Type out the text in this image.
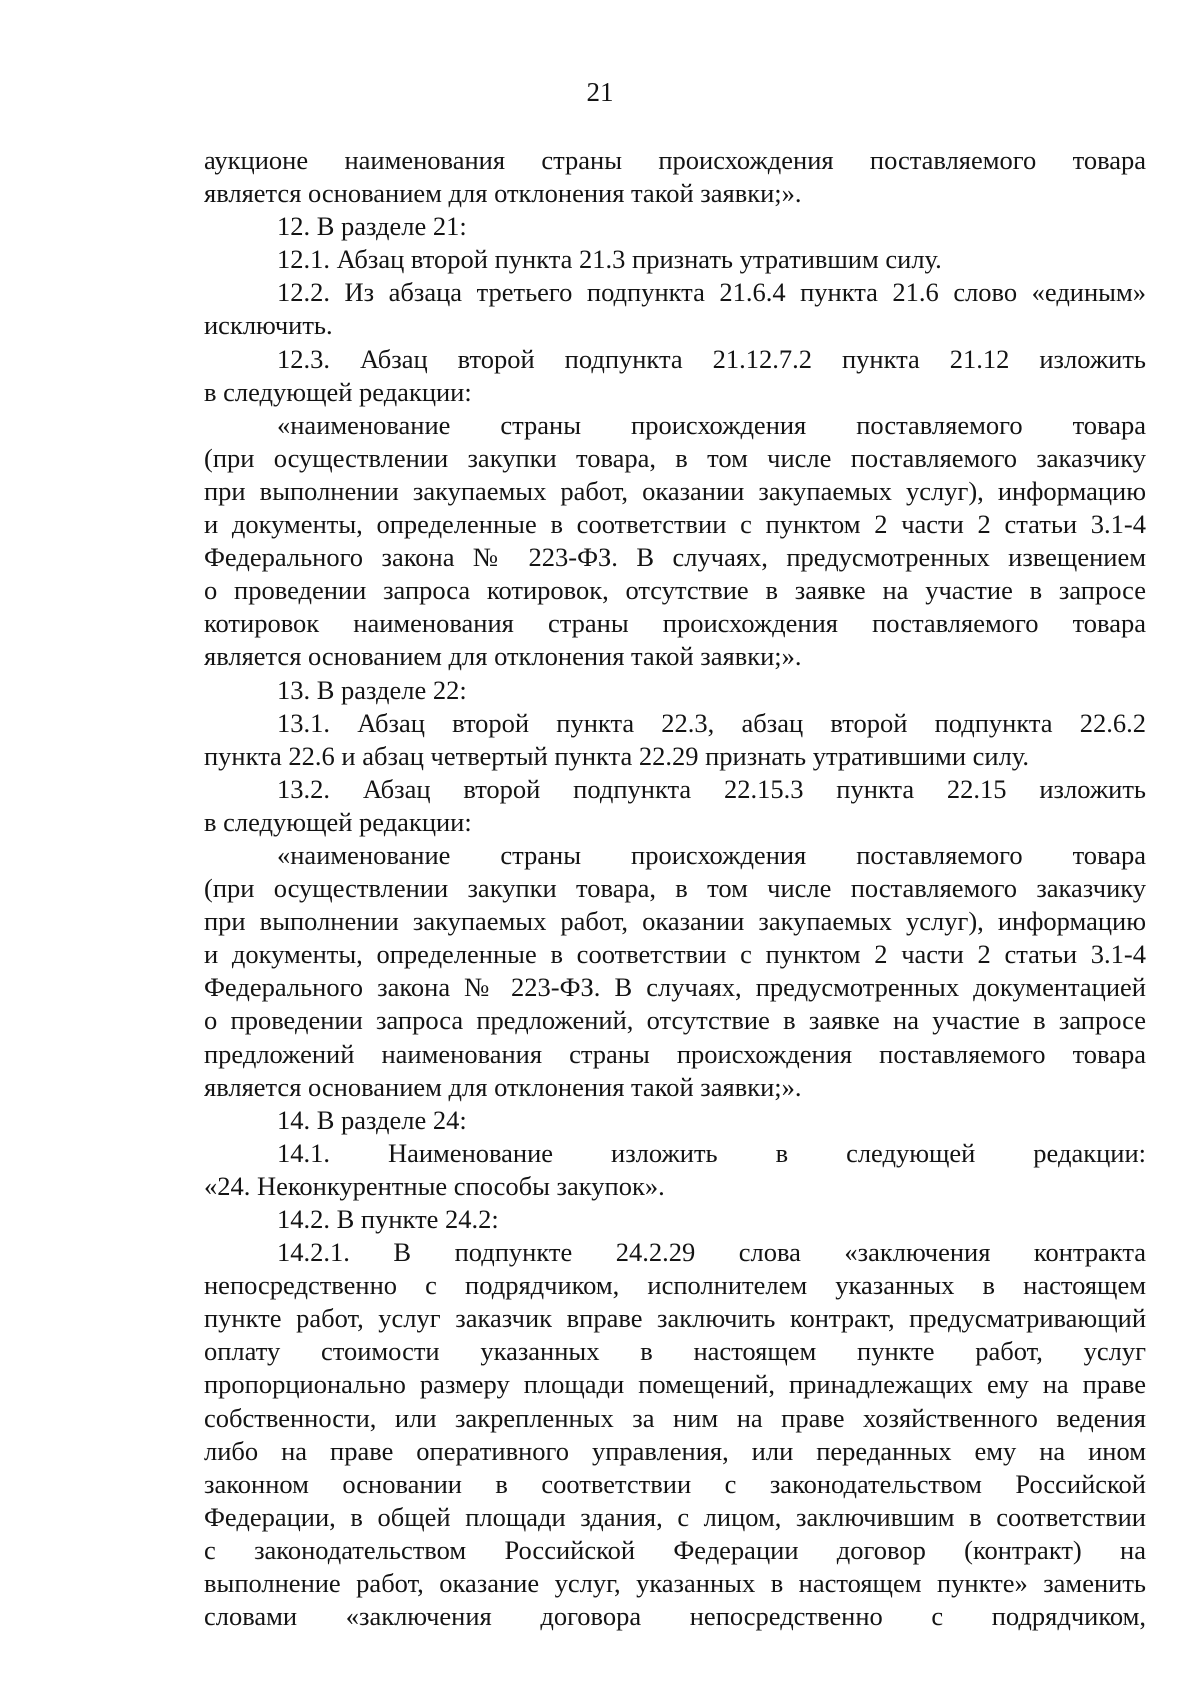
21
аукционе наименования страны происхождения поставляемого товара
является основанием для отклонения такой заявки;».
12. В разделе 21:
12.1. Абзац второй пункта 21.3 признать утратившим силу.
12.2. Из абзаца третьего подпункта 21.6.4 пункта 21.6 слово «единым»
исключить.
12.3. Абзац второй подпункта 21.12.7.2 пункта 21.12 изложить
в следующей редакции:
«наименование страны происхождения поставляемого товара
(при осуществлении закупки товара, в том числе поставляемого заказчику
при выполнении закупаемых работ, оказании закупаемых услуг), информацию
и документы, определенные в соответствии с пунктом 2 части 2 статьи 3.1-4
Федерального закона № 223-ФЗ. В случаях, предусмотренных извещением
о проведении запроса котировок, отсутствие в заявке на участие в запросе
котировок наименования страны происхождения поставляемого товара
является основанием для отклонения такой заявки;».
13. В разделе 22:
13.1. Абзац второй пункта 22.3, абзац второй подпункта 22.6.2
пункта 22.6 и абзац четвертый пункта 22.29 признать утратившими силу.
13.2. Абзац второй подпункта 22.15.3 пункта 22.15 изложить
в следующей редакции:
«наименование страны происхождения поставляемого товара
(при осуществлении закупки товара, в том числе поставляемого заказчику
при выполнении закупаемых работ, оказании закупаемых услуг), информацию
и документы, определенные в соответствии с пунктом 2 части 2 статьи 3.1-4
Федерального закона № 223-ФЗ. В случаях, предусмотренных документацией
о проведении запроса предложений, отсутствие в заявке на участие в запросе
предложений наименования страны происхождения поставляемого товара
является основанием для отклонения такой заявки;».
14. В разделе 24:
14.1. Наименование изложить в следующей редакции:
«24. Неконкурентные способы закупок».
14.2. В пункте 24.2:
14.2.1. В подпункте 24.2.29 слова «заключения контракта
непосредственно с подрядчиком, исполнителем указанных в настоящем
пункте работ, услуг заказчик вправе заключить контракт, предусматривающий
оплату стоимости указанных в настоящем пункте работ, услуг
пропорционально размеру площади помещений, принадлежащих ему на праве
собственности, или закрепленных за ним на праве хозяйственного ведения
либо на праве оперативного управления, или переданных ему на ином
законном основании в соответствии с законодательством Российской
Федерации, в общей площади здания, с лицом, заключившим в соответствии
с законодательством Российской Федерации договор (контракт) на
выполнение работ, оказание услуг, указанных в настоящем пункте» заменить
словами «заключения договора непосредственно с подрядчиком,
